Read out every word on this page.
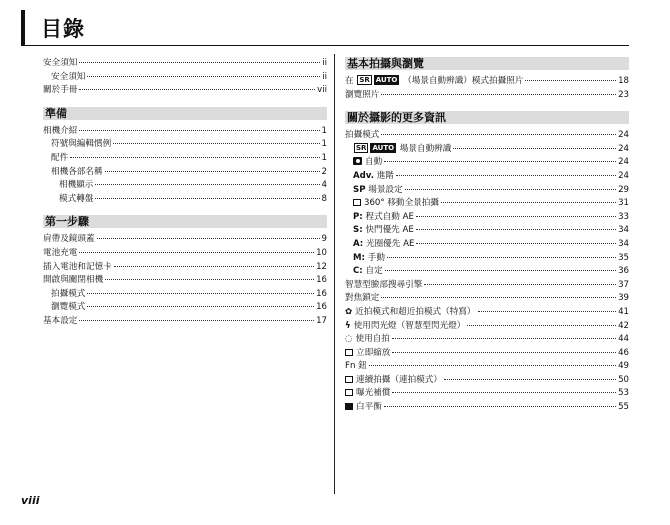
目錄
安全須知	ii
安全須知	ii
關於手冊	vii
準備
相機介紹	1
符號與編輯慣例	1
配件	1
相機各部名稱	2
相機顯示	4
模式轉盤	8
第一步驟
肩帶及鏡頭蓋	9
電池充電	10
插入電池和記憶卡	12
開啟與關閉相機	16
拍攝模式	16
瀏覽模式	16
基本設定	17
基本拍攝與瀏覽
在 SR AUTO （場景自動辨識）模式拍攝照片	18
瀏覽照片	23
關於攝影的更多資訊
拍攝模式	24
SR AUTO 場景自動辨識	24
自動	24
Adv. 進階	24
SP 場景設定	29
360° 移動全景拍攝	31
P: 程式自動 AE	33
S: 快門優先 AE	34
A: 光圈優先 AE	34
M: 手動	35
C: 自定	36
智慧型臉部搜尋引擎	37
對焦鎖定	39
✿ 近拍模式和超近拍模式（特寫）	41
ϟ 使用閃光燈（智慧型閃光燈）	42
◌ 使用自拍	44
立即縮放	46
Fn 鈕	49
連續拍攝（連拍模式）	50
曝光補償	53
白平衡	55
viii
